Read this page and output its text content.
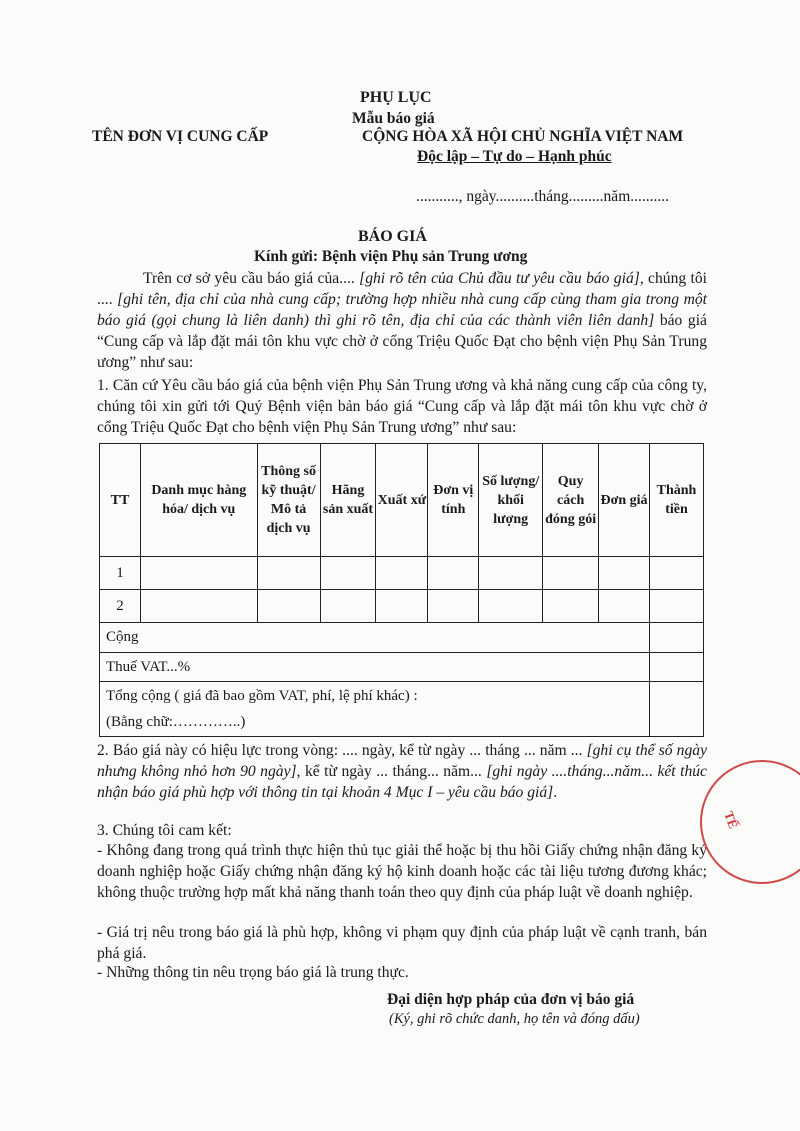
PHỤ LỤC
Mẫu báo giá
TÊN ĐƠN VỊ CUNG CẤP	CỘNG HÒA XÃ HỘI CHỦ NGHĨA VIỆT NAM
Độc lập – Tự do – Hạnh phúc
..........., ngày..........tháng.........năm..........
BÁO GIÁ
Kính gửi: Bệnh viện Phụ sản Trung ương
Trên cơ sở yêu cầu báo giá của.... [ghi rõ tên của Chủ đầu tư yêu cầu báo giá], chúng tôi .... [ghi tên, địa chỉ của nhà cung cấp; trường hợp nhiều nhà cung cấp cùng tham gia trong một báo giá (gọi chung là liên danh) thì ghi rõ tên, địa chỉ của các thành viên liên danh] báo giá “Cung cấp và lắp đặt mái tôn khu vực chờ ở cổng Triệu Quốc Đạt cho bệnh viện Phụ Sản Trung ương” như sau:
1. Căn cứ Yêu cầu báo giá của bệnh viện Phụ Sản Trung ương và khả năng cung cấp của công ty, chúng tôi xin gửi tới Quý Bệnh viện bản báo giá “Cung cấp và lắp đặt mái tôn khu vực chờ ở cổng Triệu Quốc Đạt cho bệnh viện Phụ Sản Trung ương” như sau:
TT	Danh mục hàng hóa/ dịch vụ	Thông số kỹ thuật/ Mô tả dịch vụ	Hãng sản xuất	Xuất xứ	Đơn vị tính	Số lượng/ khối lượng	Quy cách đóng gói	Đơn giá	Thành tiền
1									
2									
Cộng									
Thuế VAT...%									

Tổng cộng ( giá đã bao gồm VAT, phí, lệ phí khác) :
(Bằng chữ:…………..)									

2. Báo giá này có hiệu lực trong vòng: .... ngày, kể từ ngày ... tháng ... năm ... [ghi cụ thể số ngày nhưng không nhỏ hơn 90 ngày], kể từ ngày ... tháng... năm... [ghi ngày ....tháng...năm... kết thúc nhận báo giá phù hợp với thông tin tại khoản 4 Mục I – yêu cầu báo giá].
3. Chúng tôi cam kết:
- Không đang trong quá trình thực hiện thủ tục giải thể hoặc bị thu hồi Giấy chứng nhận đăng ký doanh nghiệp hoặc Giấy chứng nhận đăng ký hộ kinh doanh hoặc các tài liệu tương đương khác; không thuộc trường hợp mất khả năng thanh toán theo quy định của pháp luật về doanh nghiệp.
- Giá trị nêu trong báo giá là phù hợp, không vi phạm quy định của pháp luật về cạnh tranh, bán phá giá.
- Những thông tin nêu trọng báo giá là trung thực.
Đại diện hợp pháp của đơn vị báo giá
(Ký, ghi rõ chức danh, họ tên và đóng dấu)
TẾ
